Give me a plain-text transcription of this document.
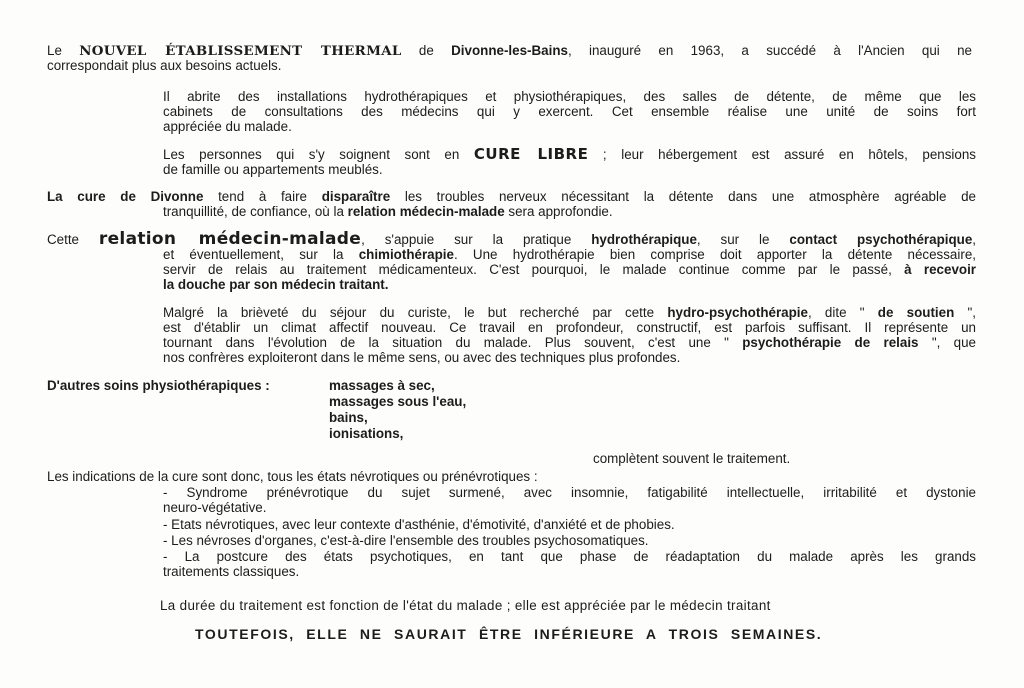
Le NOUVEL ÉTABLISSEMENT THERMAL de Divonne-les-Bains, inauguré en 1963, a succédé à l'Ancien qui ne
correspondait plus aux besoins actuels.
Il abrite des installations hydrothérapiques et physiothérapiques, des salles de détente, de même que les
cabinets de consultations des médecins qui y exercent. Cet ensemble réalise une unité de soins fort
appréciée du malade.
Les personnes qui s'y soignent sont en CURE LIBRE ; leur hébergement est assuré en hôtels, pensions
de famille ou appartements meublés.
La cure de Divonne tend à faire disparaître les troubles nerveux nécessitant la détente dans une atmosphère agréable de
tranquillité, de confiance, où la relation médecin-malade sera approfondie.
Cette relation médecin-malade, s'appuie sur la pratique hydrothérapique, sur le contact psychothérapique,
et éventuellement, sur la chimiothérapie. Une hydrothérapie bien comprise doit apporter la détente nécessaire,
servir de relais au traitement médicamenteux. C'est pourquoi, le malade continue comme par le passé, à recevoir
la douche par son médecin traitant.
Malgré la brièveté du séjour du curiste, le but recherché par cette hydro-psychothérapie, dite " de soutien ",
est d'établir un climat affectif nouveau. Ce travail en profondeur, constructif, est parfois suffisant. Il représente un
tournant dans l'évolution de la situation du malade. Plus souvent, c'est une " psychothérapie de relais ", que
nos confrères exploiteront dans le même sens, ou avec des techniques plus profondes.
D'autres soins physiothérapiques :	massages à sec,
massages sous l'eau,
bains,
ionisations,
complètent souvent le traitement.
Les indications de la cure sont donc, tous les états névrotiques ou prénévrotiques :
- Syndrome prénévrotique du sujet surmené, avec insomnie, fatigabilité intellectuelle, irritabilité et dystonie
neuro-végétative.
- Etats névrotiques, avec leur contexte d'asthénie, d'émotivité, d'anxiété et de phobies.
- Les névroses d'organes, c'est-à-dire l'ensemble des troubles psychosomatiques.
- La postcure des états psychotiques, en tant que phase de réadaptation du malade après les grands
traitements classiques.
La durée du traitement est fonction de l'état du malade ; elle est appréciée par le médecin traitant
TOUTEFOIS, ELLE NE SAURAIT ÊTRE INFÉRIEURE A TROIS SEMAINES.
